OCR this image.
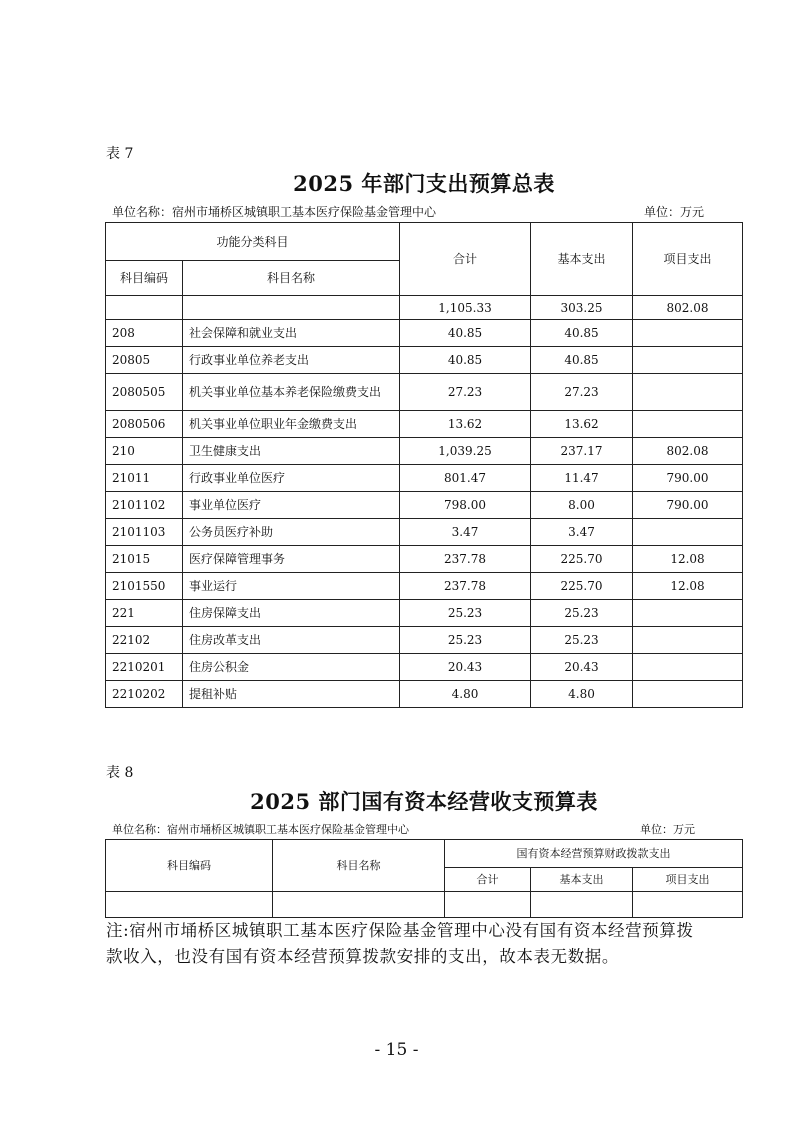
表 7
2025 年部门支出预算总表
单位名称：宿州市埇桥区城镇职工基本医疗保险基金管理中心	单位：万元
功能分类科目		合计	基本支出	项目支出
科目编码	科目名称			
		1,105.33	303.25	802.08
208	社会保障和就业支出	40.85	40.85	
20805	行政事业单位养老支出	40.85	40.85	
2080505	机关事业单位基本养老保险缴费支出	27.23	27.23	
2080506	机关事业单位职业年金缴费支出	13.62	13.62	
210	卫生健康支出	1,039.25	237.17	802.08
21011	行政事业单位医疗	801.47	11.47	790.00
2101102	事业单位医疗	798.00	8.00	790.00
2101103	公务员医疗补助	3.47	3.47	
21015	医疗保障管理事务	237.78	225.70	12.08
2101550	事业运行	237.78	225.70	12.08
221	住房保障支出	25.23	25.23	
22102	住房改革支出	25.23	25.23	
2210201	住房公积金	20.43	20.43	
2210202	提租补贴	4.80	4.80	
表 8
2025 部门国有资本经营收支预算表
单位名称：宿州市埇桥区城镇职工基本医疗保险基金管理中心	单位：万元
科目编码	科目名称	国有资本经营预算财政拨款支出		
		合计	基本支出	项目支出

注:宿州市埇桥区城镇职工基本医疗保险基金管理中心没有国有资本经营预算拨款收入，也没有国有资本经营预算拨款安排的支出，故本表无数据。
- 15 -
